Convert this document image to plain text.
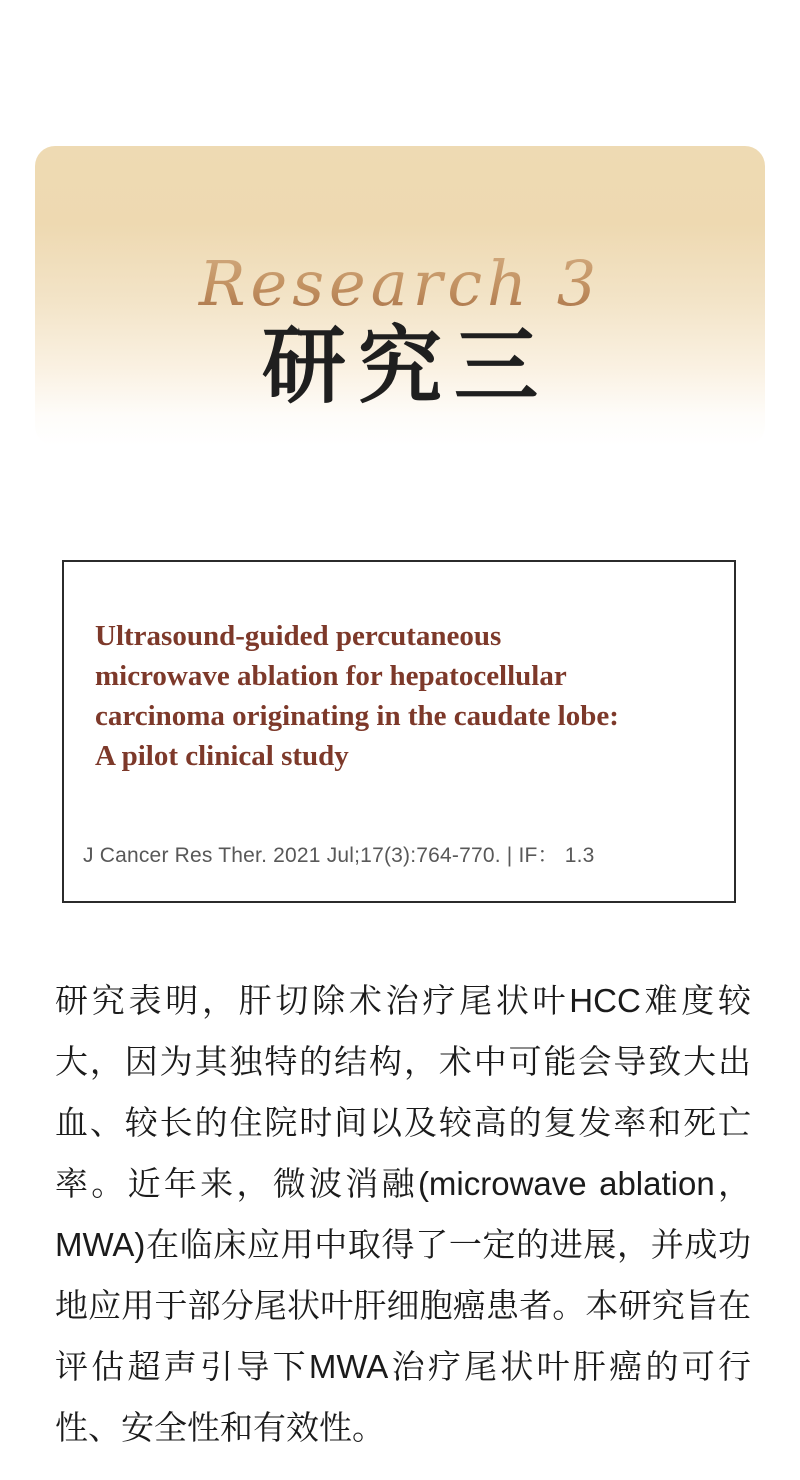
Research 3
研究三
Ultrasound-guided percutaneous
microwave ablation for hepatocellular
carcinoma originating in the caudate lobe:
A pilot clinical study
J Cancer Res Ther. 2021 Jul;17(3):764-770. | IF： 1.3
研究表明，肝切除术治疗尾状叶HCC难度较大，因为其独特的结构，术中可能会导致大出血、较长的住院时间以及较高的复发率和死亡率。近年来，微波消融(microwave ablation，MWA)在临床应用中取得了一定的进展，并成功地应用于部分尾状叶肝细胞癌患者。本研究旨在评估超声引导下MWA治疗尾状叶肝癌的可行性、安全性和有效性。
